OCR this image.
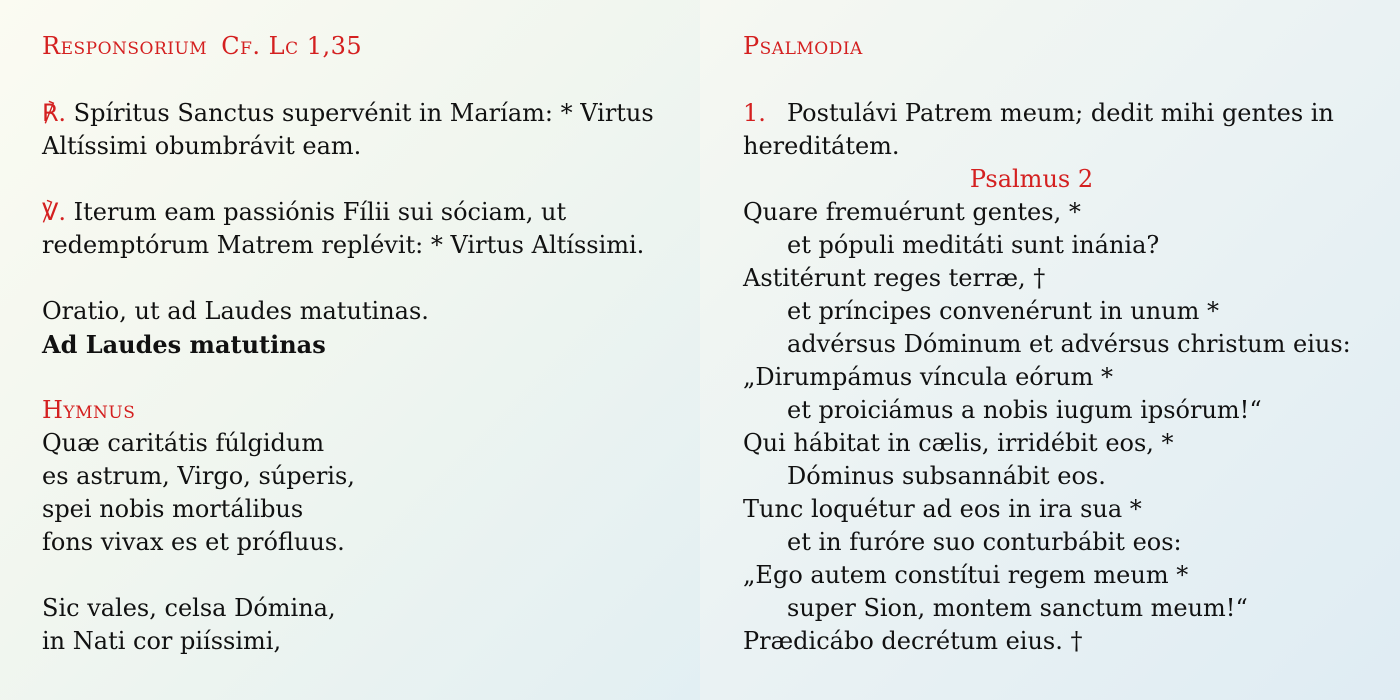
Responsorium Cf. Lc 1,35

℟. Spíritus Sanctus supervénit in Maríam: * Virtus

Altíssimi obumbrávit eam.

℣. Iterum eam passiónis Fílii sui sóciam, ut

redemptórum Matrem replévit: * Virtus Altíssimi.

Oratio, ut ad Laudes matutinas.

Ad Laudes matutinas

Hymnus

Quæ caritátis fúlgidum

es astrum, Virgo, súperis,

spei nobis mortálibus

fons vivax es et prófluus.

Sic vales, celsa Dómina,

in Nati cor piíssimi,

Psalmodia

1. Postulávi Patrem meum; dedit mihi gentes in

hereditátem.

Psalmus 2

Quare fremuérunt gentes, *

et pópuli meditáti sunt inánia?

Astitérunt reges terræ, †

et príncipes convenérunt in unum *

advérsus Dóminum et advérsus christum eius:

„Dirumpámus víncula eórum *

et proiciámus a nobis iugum ipsórum!“

Qui hábitat in cælis, irridébit eos, *

Dóminus subsannábit eos.

Tunc loquétur ad eos in ira sua *

et in furóre suo conturbábit eos:

„Ego autem constítui regem meum *

super Sion, montem sanctum meum!“

Prædicábo decrétum eius. †
